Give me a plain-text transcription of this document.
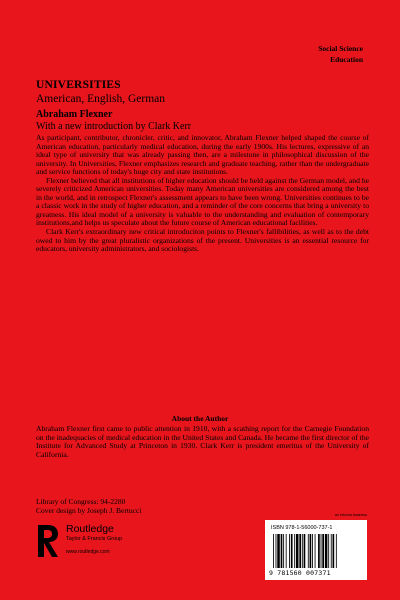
Social Science
Education
UNIVERSITIES
American, English, German
Abraham Flexner
With a new introduction by Clark Kerr

As participant, contributor, chronicler, critic, and innovator, Abraham Flexner helped shaped the course of American education, particularly medical education, during the early 1900s. His lectures, expressive of an ideal type of university that was already passing then, are a milestone in philosophical discussion of the university. In Universities, Flexner emphasizes research and graduate teaching, rather than the undergraduate and service functions of today's huge city and state institutions.

Flexner believed that all institutions of higher education should be held against the German model, and he severely criticized American universities. Today many American universities are considered among the best in the world, and in retrospect Flexner's assessment appears to have been wrong. Universities continues to be a classic work in the study of higher education, and a reminder of the core concerns that bring a university to greatness. His ideal model of a university is valuable to the understanding and evaluation of contemporary institutions,and helps us speculate about the future course of American educational facilities.

Clark Kerr's extraordinary new critical introduciton points to Flexner's fallibilities, as well as to the debt owed to him by the great pluralistic organizations of the present. Universities is an essential resource for educators, university administrators, and sociologists.

About the Author

Abraham Flexner first came to public attention in 1910, with a scathing report for the Carnegie Foundation on the inadequacies of medical education in the United States and Canada. He became the first director of the Institute for Advanced Study at Princeton in 1930. Clark Kerr is president emeritus of the University of California.

Library of Congress: 94-2280
Cover design by Joseph J. Bertucci
Routledge
Taylor & Francis Group
www.routledge.com
an informa business
ISBN 978-1-56000-737-1
9 781560 007371
